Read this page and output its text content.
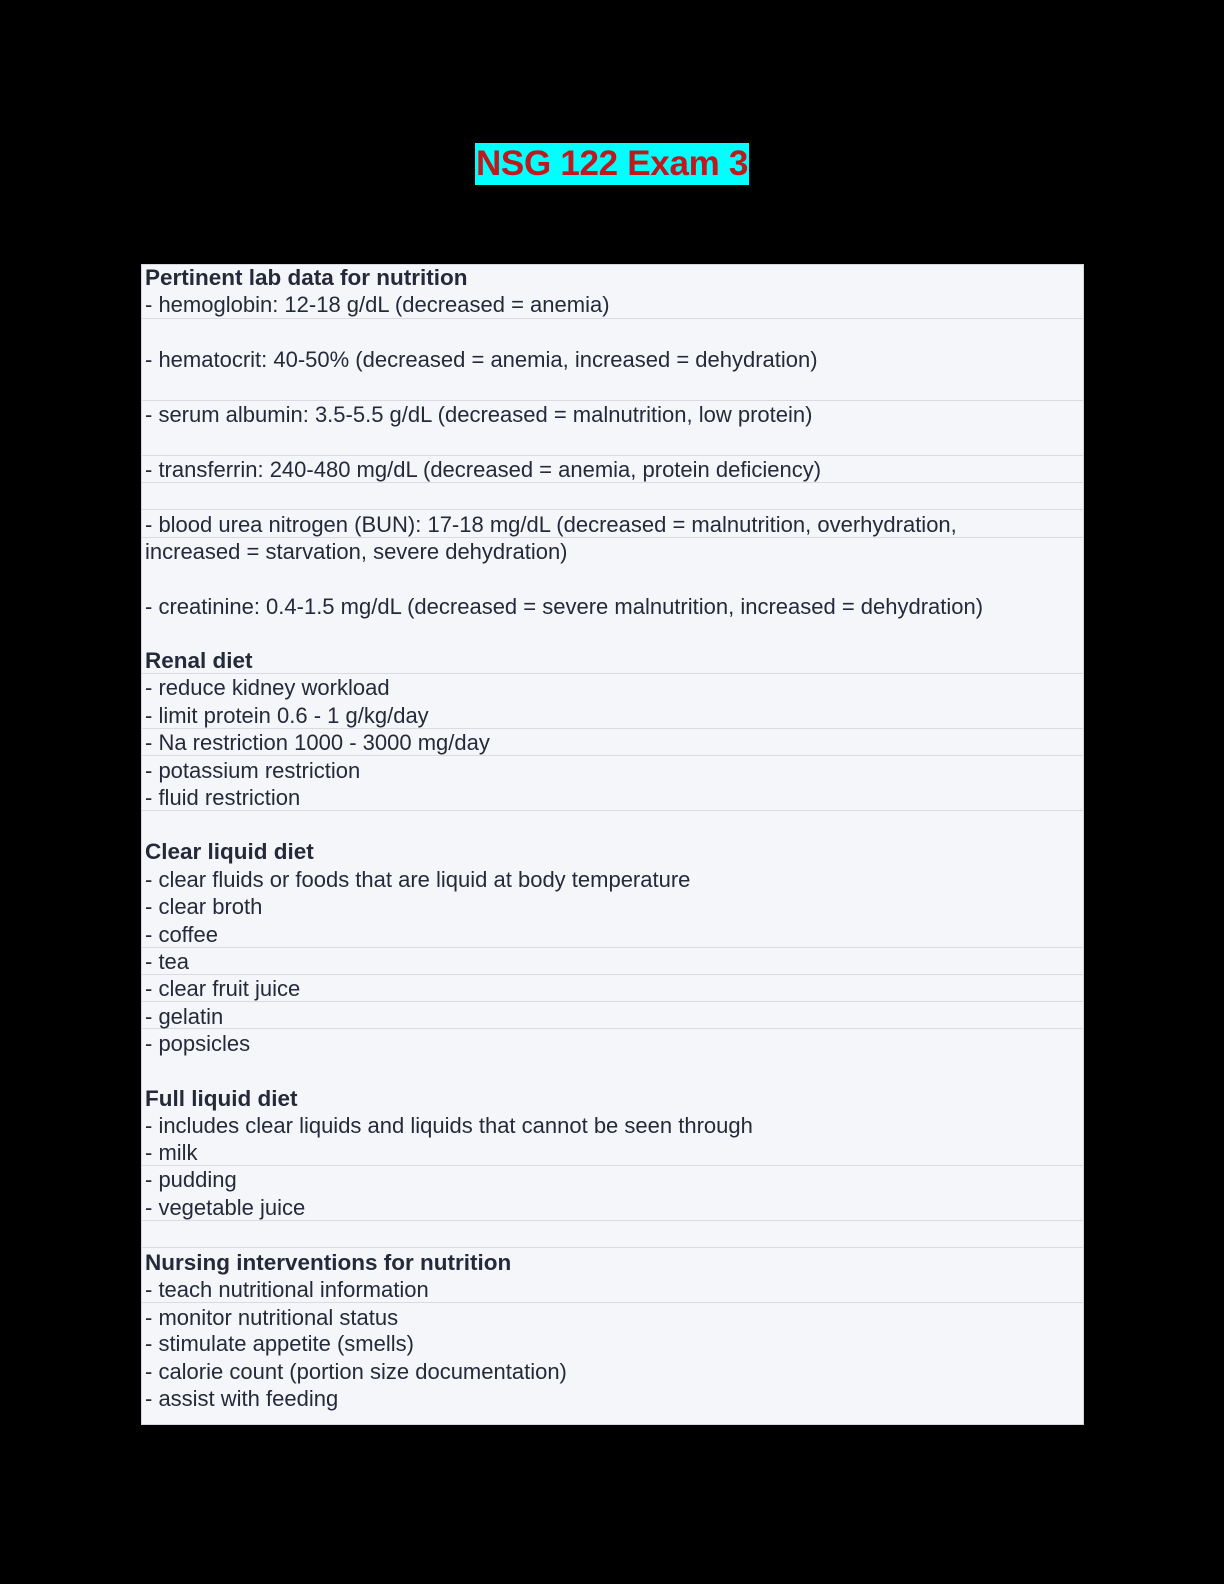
NSG 122 Exam 3
Pertinent lab data for nutrition
- hemoglobin: 12-18 g/dL (decreased = anemia)
- hematocrit: 40-50% (decreased = anemia, increased = dehydration)
- serum albumin: 3.5-5.5 g/dL (decreased = malnutrition, low protein)
- transferrin: 240-480 mg/dL (decreased = anemia, protein deficiency)
- blood urea nitrogen (BUN): 17-18 mg/dL (decreased = malnutrition, overhydration,
increased = starvation, severe dehydration)
- creatinine: 0.4-1.5 mg/dL (decreased = severe malnutrition, increased = dehydration)
Renal diet
- reduce kidney workload
- limit protein 0.6 - 1 g/kg/day
- Na restriction 1000 - 3000 mg/day
- potassium restriction
- fluid restriction
Clear liquid diet
- clear fluids or foods that are liquid at body temperature
- clear broth
- coffee
- tea
- clear fruit juice
- gelatin
- popsicles
Full liquid diet
- includes clear liquids and liquids that cannot be seen through
- milk
- pudding
- vegetable juice
Nursing interventions for nutrition
- teach nutritional information
- monitor nutritional status
- stimulate appetite (smells)
- calorie count (portion size documentation)
- assist with feeding
